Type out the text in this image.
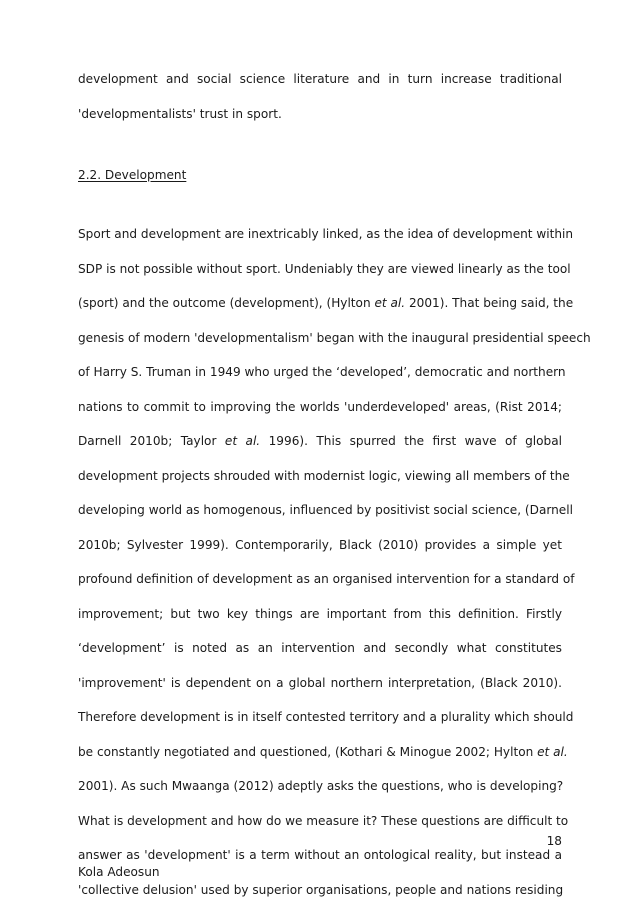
development and social science literature and in turn increase traditional
'developmentalists' trust in sport.
2.2. Development
Sport and development are inextricably linked, as the idea of development within
SDP is not possible without sport. Undeniably they are viewed linearly as the tool
(sport) and the outcome (development), (Hylton et al. 2001). That being said, the
genesis of modern 'developmentalism' began with the inaugural presidential speech
of Harry S. Truman in 1949 who urged the ‘developed’, democratic and northern
nations to commit to improving the worlds 'underdeveloped' areas, (Rist 2014;
Darnell 2010b; Taylor et al. 1996). This spurred the first wave of global
development projects shrouded with modernist logic, viewing all members of the
developing world as homogenous, influenced by positivist social science, (Darnell
2010b; Sylvester 1999). Contemporarily, Black (2010) provides a simple yet
profound definition of development as an organised intervention for a standard of
improvement; but two key things are important from this definition. Firstly
‘development’ is noted as an intervention and secondly what constitutes
'improvement' is dependent on a global northern interpretation, (Black 2010).
Therefore development is in itself contested territory and a plurality which should
be constantly negotiated and questioned, (Kothari & Minogue 2002; Hylton et al.
2001). As such Mwaanga (2012) adeptly asks the questions, who is developing?
What is development and how do we measure it? These questions are difficult to
answer as 'development' is a term without an ontological reality, but instead a
'collective delusion' used by superior organisations, people and nations residing
18
Kola Adeosun
